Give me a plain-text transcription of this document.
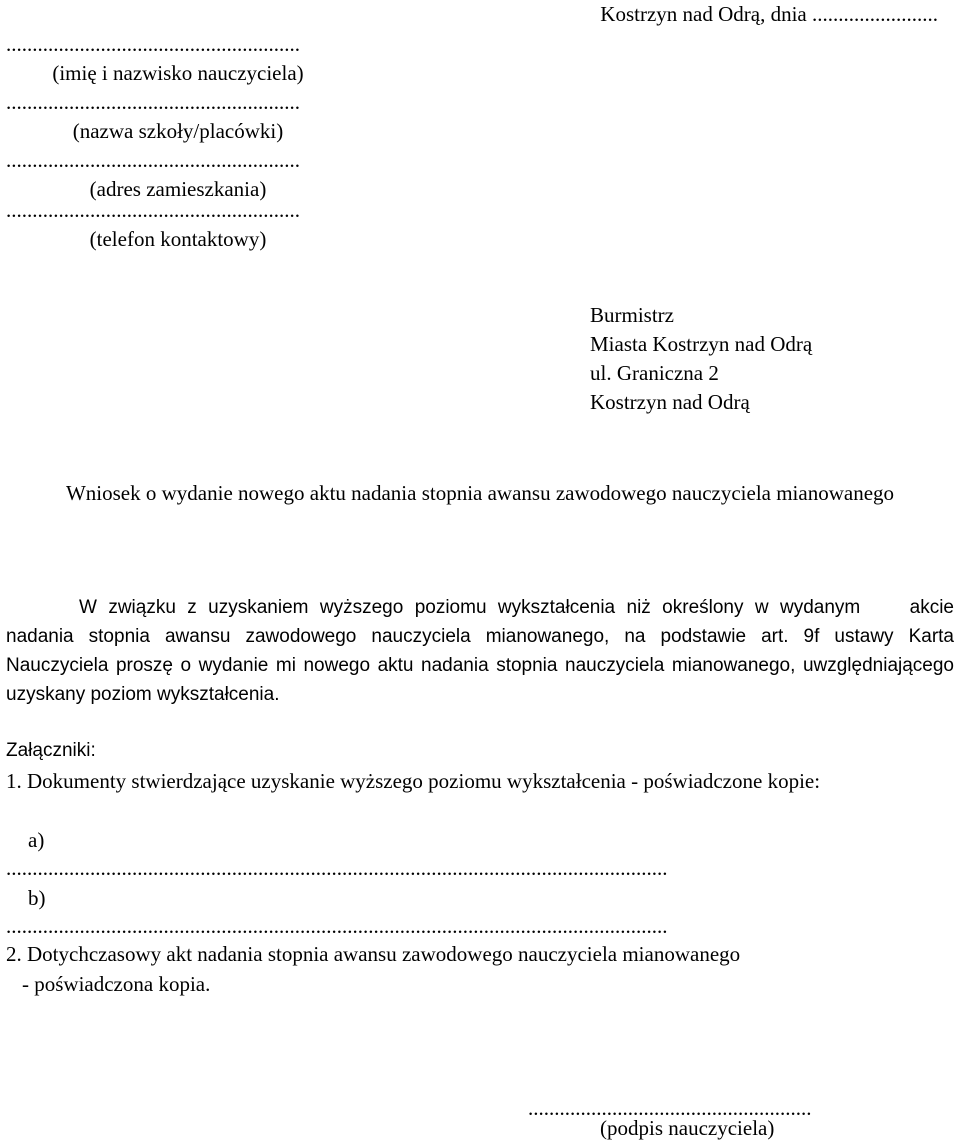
Kostrzyn nad Odrą, dnia ........................
........................................................
(imię i nazwisko nauczyciela)
........................................................
(nazwa szkoły/placówki)
........................................................
(adres zamieszkania)
........................................................
(telefon kontaktowy)
Burmistrz
Miasta Kostrzyn nad Odrą
ul. Graniczna 2
Kostrzyn nad Odrą
Wniosek o wydanie nowego aktu nadania stopnia awansu zawodowego nauczyciela mianowanego
W związku z uzyskaniem wyższego poziomu wykształcenia niż określony w wydanym akcie nadania stopnia awansu zawodowego nauczyciela mianowanego, na podstawie art. 9f ustawy Karta Nauczyciela proszę o wydanie mi nowego aktu nadania stopnia nauczyciela mianowanego, uwzględniającego uzyskany poziom wykształcenia.
Załączniki:
1. Dokumenty stwierdzające uzyskanie wyższego poziomu wykształcenia - poświadczone kopie:
a)
..............................................................................................................................
b)
..............................................................................................................................
2. Dotychczasowy akt nadania stopnia awansu zawodowego nauczyciela mianowanego
- poświadczona kopia.
......................................................
(podpis nauczyciela)
